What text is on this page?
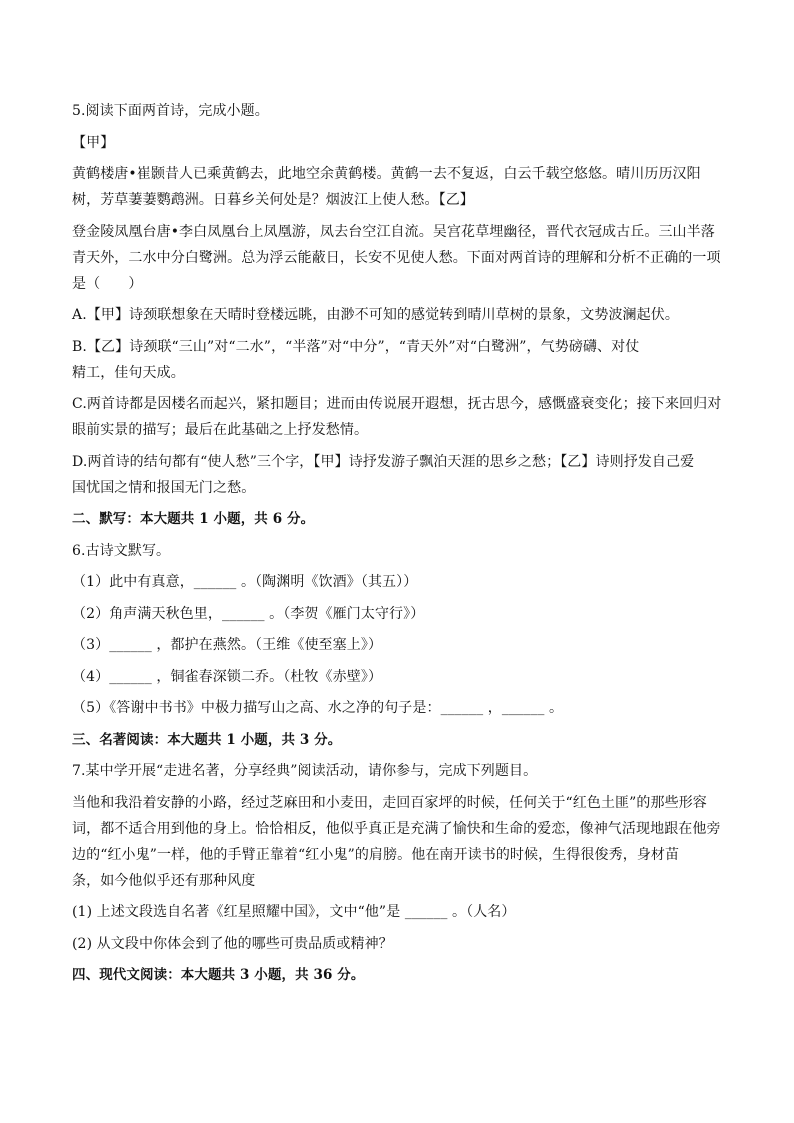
5.阅读下面两首诗，完成小题。

【甲】

黄鹤楼唐•崔颢昔人已乘黄鹤去，此地空余黄鹤楼。黄鹤一去不复返，白云千载空悠悠。晴川历历汉阳

树，芳草萋萋鹦鹉洲。日暮乡关何处是？烟波江上使人愁。【乙】

登金陵凤凰台唐•李白凤凰台上凤凰游，凤去台空江自流。吴宫花草埋幽径，晋代衣冠成古丘。三山半落

青天外，二水中分白鹭洲。总为浮云能蔽日，长安不见使人愁。下面对两首诗的理解和分析不正确的一项

是（　　）

A.【甲】诗颈联想象在天晴时登楼远眺，由渺不可知的感觉转到晴川草树的景象，文势波澜起伏。

B.【乙】诗颈联“三山”对“二水”，“半落”对“中分”，“青天外”对“白鹭洲”，气势磅礴、对仗

精工，佳句天成。

C.两首诗都是因楼名而起兴，紧扣题目；进而由传说展开遐想，抚古思今，感慨盛衰变化；接下来回归对

眼前实景的描写；最后在此基础之上抒发愁情。

D.两首诗的结句都有“使人愁”三个字，【甲】诗抒发游子飘泊天涯的思乡之愁；【乙】诗则抒发自己爱

国忧国之情和报国无门之愁。

二、默写：本大题共 1 小题，共 6 分。

6.古诗文默写。

（1）此中有真意，______ 。（陶渊明《饮酒》（其五））

（2）角声满天秋色里，______ 。（李贺《雁门太守行》）

（3）______ ，都护在燕然。（王维《使至塞上》）

（4）______ ，铜雀春深锁二乔。（杜牧《赤壁》）

（5）《答谢中书书》中极力描写山之高、水之净的句子是：______ ，______ 。

三、名著阅读：本大题共 1 小题，共 3 分。

7.某中学开展“走进名著，分享经典”阅读活动，请你参与，完成下列题目。

当他和我沿着安静的小路，经过芝麻田和小麦田，走回百家坪的时候，任何关于“红色土匪”的那些形容

词，都不适合用到他的身上。恰恰相反，他似乎真正是充满了愉快和生命的爱恋，像神气活现地跟在他旁

边的“红小鬼”一样，他的手臂正靠着“红小鬼”的肩膀。他在南开读书的时候，生得很俊秀，身材苗

条，如今他似乎还有那种风度

(1) 上述文段选自名著《红星照耀中国》，文中“他”是 ______ 。（人名）

(2) 从文段中你体会到了他的哪些可贵品质或精神？

四、现代文阅读：本大题共 3 小题，共 36 分。
